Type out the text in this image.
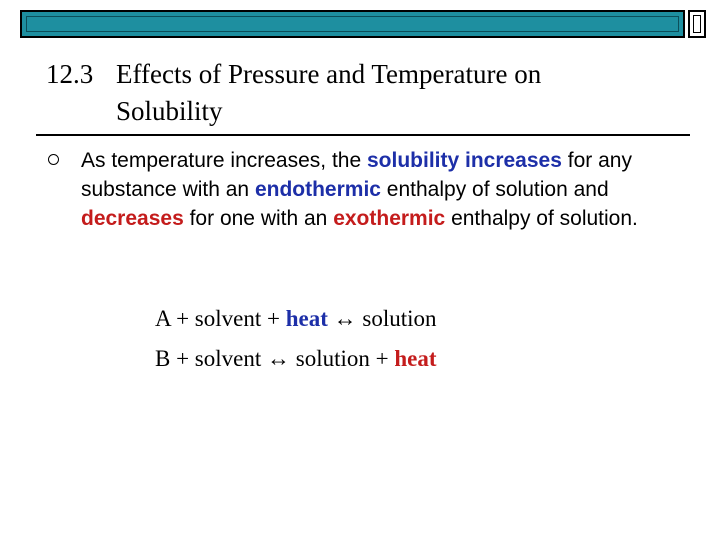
12.3 Effects of Pressure and Temperature on
Solubility
As temperature increases, the solubility increases for any substance with an endothermic enthalpy of solution and decreases for one with an exothermic enthalpy of solution.
A + solvent + heat ↔ solution
B + solvent ↔ solution + heat
